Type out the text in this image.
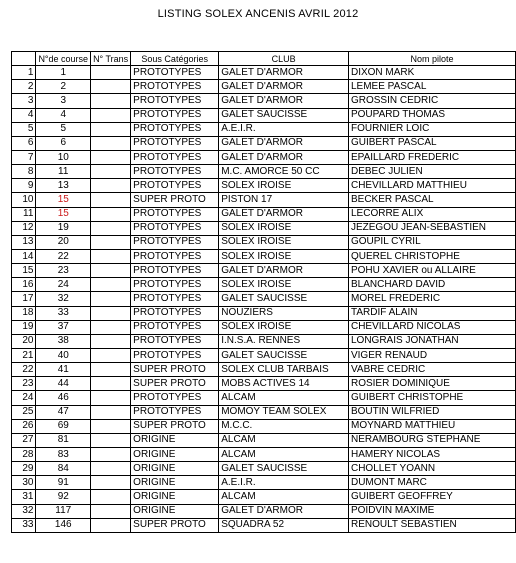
LISTING SOLEX ANCENIS AVRIL 2012
	N°de course	N° Trans	Sous Catégories	CLUB	Nom pilote
1	1		PROTOTYPES	GALET D'ARMOR	DIXON MARK
2	2		PROTOTYPES	GALET D'ARMOR	LEMEE PASCAL
3	3		PROTOTYPES	GALET D'ARMOR	GROSSIN CEDRIC
4	4		PROTOTYPES	GALET SAUCISSE	POUPARD THOMAS
5	5		PROTOTYPES	A.E.I.R.	FOURNIER LOIC
6	6		PROTOTYPES	GALET D'ARMOR	GUIBERT PASCAL
7	10		PROTOTYPES	GALET D'ARMOR	EPAILLARD FREDERIC
8	11		PROTOTYPES	M.C. AMORCE 50 CC	DEBEC JULIEN
9	13		PROTOTYPES	SOLEX IROISE	CHEVILLARD MATTHIEU
10	15		SUPER PROTO	PISTON 17	BECKER PASCAL
11	15		PROTOTYPES	GALET D'ARMOR	LECORRE ALIX
12	19		PROTOTYPES	SOLEX IROISE	JEZEGOU JEAN-SEBASTIEN
13	20		PROTOTYPES	SOLEX IROISE	GOUPIL CYRIL
14	22		PROTOTYPES	SOLEX IROISE	QUEREL CHRISTOPHE
15	23		PROTOTYPES	GALET D'ARMOR	POHU XAVIER ou ALLAIRE
16	24		PROTOTYPES	SOLEX IROISE	BLANCHARD DAVID
17	32		PROTOTYPES	GALET SAUCISSE	MOREL FREDERIC
18	33		PROTOTYPES	NOUZIERS	TARDIF ALAIN
19	37		PROTOTYPES	SOLEX IROISE	CHEVILLARD NICOLAS
20	38		PROTOTYPES	I.N.S.A. RENNES	LONGRAIS JONATHAN
21	40		PROTOTYPES	GALET SAUCISSE	VIGER RENAUD
22	41		SUPER PROTO	SOLEX CLUB TARBAIS	VABRE CEDRIC
23	44		SUPER PROTO	MOBS ACTIVES 14	ROSIER DOMINIQUE
24	46		PROTOTYPES	ALCAM	GUIBERT CHRISTOPHE
25	47		PROTOTYPES	MOMOY TEAM SOLEX	BOUTIN WILFRIED
26	69		SUPER PROTO	M.C.C.	MOYNARD MATTHIEU
27	81		ORIGINE	ALCAM	NERAMBOURG STEPHANE
28	83		ORIGINE	ALCAM	HAMERY NICOLAS
29	84		ORIGINE	GALET SAUCISSE	CHOLLET YOANN
30	91		ORIGINE	A.E.I.R.	DUMONT MARC
31	92		ORIGINE	ALCAM	GUIBERT GEOFFREY
32	117		ORIGINE	GALET D'ARMOR	POIDVIN MAXIME
33	146		SUPER PROTO	SQUADRA 52	RENOULT SEBASTIEN
